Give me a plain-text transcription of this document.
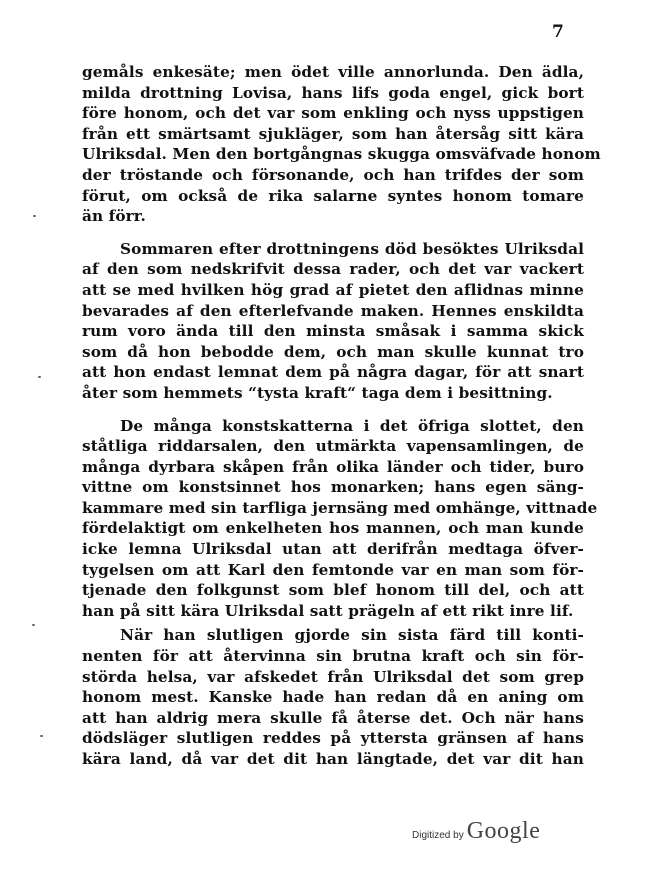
7
gemåls enkesäte; men ödet ville annorlunda. Den ädla,
milda drottning Lovisa, hans lifs goda engel, gick bort
före honom, och det var som enkling och nyss uppstigen
från ett smärtsamt sjukläger, som han återsåg sitt kära
Ulriksdal. Men den bortgångnas skugga omsväfvade honom
der tröstande och försonande, och han trifdes der som
förut, om också de rika salarne syntes honom tomare
än förr.
Sommaren efter drottningens död besöktes Ulriksdal
af den som nedskrifvit dessa rader, och det var vackert
att se med hvilken hög grad af pietet den aflidnas minne
bevarades af den efterlefvande maken. Hennes enskildta
rum voro ända till den minsta småsak i samma skick
som då hon bebodde dem, och man skulle kunnat tro
att hon endast lemnat dem på några dagar, för att snart
åter som hemmets “tysta kraft“ taga dem i besittning.
De många konstskatterna i det öfriga slottet, den
ståtliga riddarsalen, den utmärkta vapensamlingen, de
många dyrbara skåpen från olika länder och tider, buro
vittne om konstsinnet hos monarken; hans egen säng-
kammare med sin tarfliga jernsäng med omhänge, vittnade
fördelaktigt om enkelheten hos mannen, och man kunde
icke lemna Ulriksdal utan att derifrån medtaga öfver-
tygelsen om att Karl den femtonde var en man som för-
tjenade den folkgunst som blef honom till del, och att
han på sitt kära Ulriksdal satt prägeln af ett rikt inre lif.
När han slutligen gjorde sin sista färd till konti-
nenten för att återvinna sin brutna kraft och sin för-
störda helsa, var afskedet från Ulriksdal det som grep
honom mest. Kanske hade han redan då en aning om
att han aldrig mera skulle få återse det. Och när hans
dödsläger slutligen reddes på yttersta gränsen af hans
kära land, då var det dit han längtade, det var dit han
Digitized by Google
